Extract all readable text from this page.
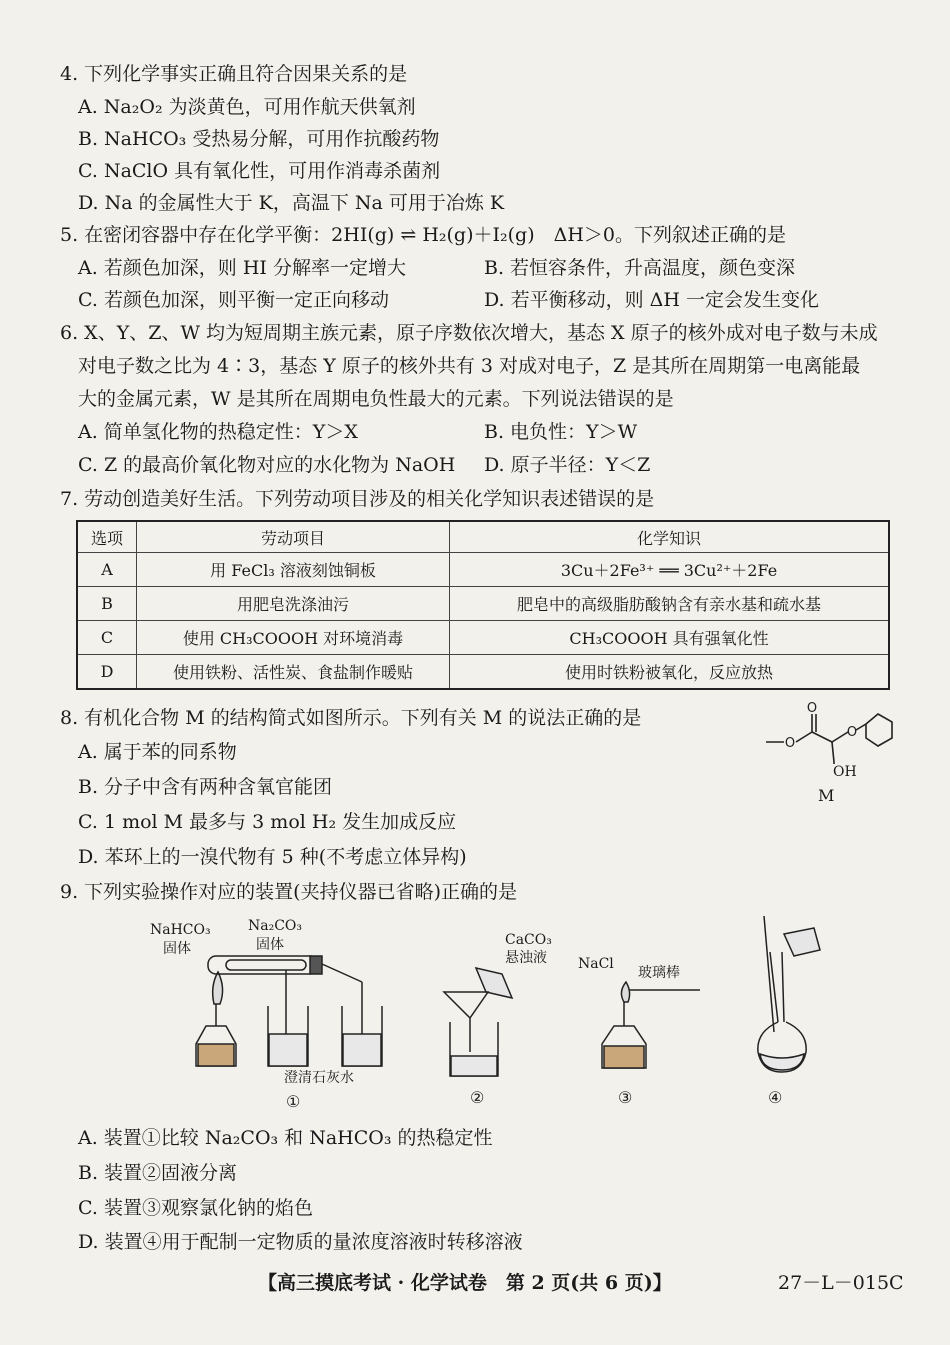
4. 下列化学事实正确且符合因果关系的是
A. Na₂O₂ 为淡黄色，可用作航天供氧剂
B. NaHCO₃ 受热易分解，可用作抗酸药物
C. NaClO 具有氧化性，可用作消毒杀菌剂
D. Na 的金属性大于 K，高温下 Na 可用于冶炼 K
5. 在密闭容器中存在化学平衡：2HI(g) ⇌ H₂(g)＋I₂(g)　ΔH＞0。下列叙述正确的是
A. 若颜色加深，则 HI 分解率一定增大	B. 若恒容条件，升高温度，颜色变深
C. 若颜色加深，则平衡一定正向移动	D. 若平衡移动，则 ΔH 一定会发生变化
6. X、Y、Z、W 均为短周期主族元素，原子序数依次增大，基态 X 原子的核外成对电子数与未成
对电子数之比为 4∶3，基态 Y 原子的核外共有 3 对成对电子，Z 是其所在周期第一电离能最
大的金属元素，W 是其所在周期电负性最大的元素。下列说法错误的是
A. 简单氢化物的热稳定性：Y＞X	B. 电负性：Y＞W
C. Z 的最高价氧化物对应的水化物为 NaOH D. 原子半径：Y＜Z
7. 劳动创造美好生活。下列劳动项目涉及的相关化学知识表述错误的是
选项	劳动项目	化学知识
A	用 FeCl₃ 溶液刻蚀铜板	3Cu＋2Fe³⁺ ══ 3Cu²⁺＋2Fe
B	用肥皂洗涤油污	肥皂中的高级脂肪酸钠含有亲水基和疏水基
C	使用 CH₃COOOH 对环境消毒	CH₃COOOH 具有强氧化性
D	使用铁粉、活性炭、食盐制作暖贴	使用时铁粉被氧化，反应放热
8. 有机化合物 M 的结构简式如图所示。下列有关 M 的说法正确的是
A. 属于苯的同系物
B. 分子中含有两种含氧官能团
C. 1 mol M 最多与 3 mol H₂ 发生加成反应
D. 苯环上的一溴代物有 5 种(不考虑立体异构)
O
O
O
OH
M
9. 下列实验操作对应的装置(夹持仪器已省略)正确的是
NaHCO₃
固体
Na₂CO₃
固体
澄清石灰水
CaCO₃
悬浊液 NaCl
玻璃棒
①	②	③	④
A. 装置①比较 Na₂CO₃ 和 NaHCO₃ 的热稳定性
B. 装置②固液分离
C. 装置③观察氯化钠的焰色
D. 装置④用于配制一定物质的量浓度溶液时转移溶液
【高三摸底考试 · 化学试卷　第 2 页(共 6 页)】	27－L－015C
